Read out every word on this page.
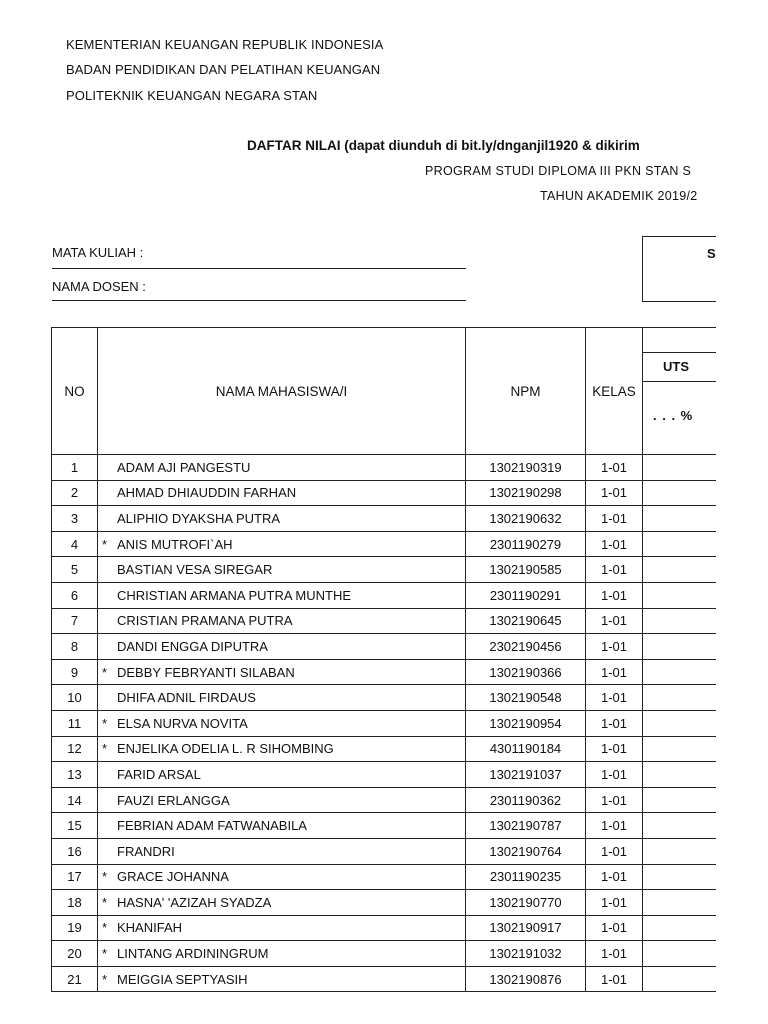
KEMENTERIAN KEUANGAN REPUBLIK INDONESIA
BADAN PENDIDIKAN DAN PELATIHAN KEUANGAN
POLITEKNIK KEUANGAN NEGARA STAN
DAFTAR NILAI (dapat diunduh di bit.ly/dnganjil1920 & dikirim
PROGRAM STUDI DIPLOMA III PKN STAN S
TAHUN AKADEMIK 2019/2
MATA KULIAH :
NAMA DOSEN :
S
NO	NAMA MAHASISWA/I	NPM	KELAS	UTS
. . . %

1	ADAM AJI PANGESTU	1302190319	1-01	
2	AHMAD DHIAUDDIN FARHAN	1302190298	1-01	
3	ALIPHIO DYAKSHA PUTRA	1302190632	1-01	
4	* ANIS MUTROFI`AH	2301190279	1-01	
5	BASTIAN VESA SIREGAR	1302190585	1-01	
6	CHRISTIAN ARMANA PUTRA MUNTHE	2301190291	1-01	
7	CRISTIAN PRAMANA PUTRA	1302190645	1-01	
8	DANDI ENGGA DIPUTRA	2302190456	1-01	
9	* DEBBY FEBRYANTI SILABAN	1302190366	1-01	
10	DHIFA ADNIL FIRDAUS	1302190548	1-01	
11	* ELSA NURVA NOVITA	1302190954	1-01	
12	* ENJELIKA ODELIA L. R SIHOMBING	4301190184	1-01	
13	FARID ARSAL	1302191037	1-01	
14	FAUZI ERLANGGA	2301190362	1-01	
15	FEBRIAN ADAM FATWANABILA	1302190787	1-01	
16	FRANDRI	1302190764	1-01	
17	* GRACE JOHANNA	2301190235	1-01	
18	* HASNA' 'AZIZAH SYADZA	1302190770	1-01	
19	* KHANIFAH	1302190917	1-01	
20	* LINTANG ARDININGRUM	1302191032	1-01	
21	* MEIGGIA SEPTYASIH	1302190876	1-01	
